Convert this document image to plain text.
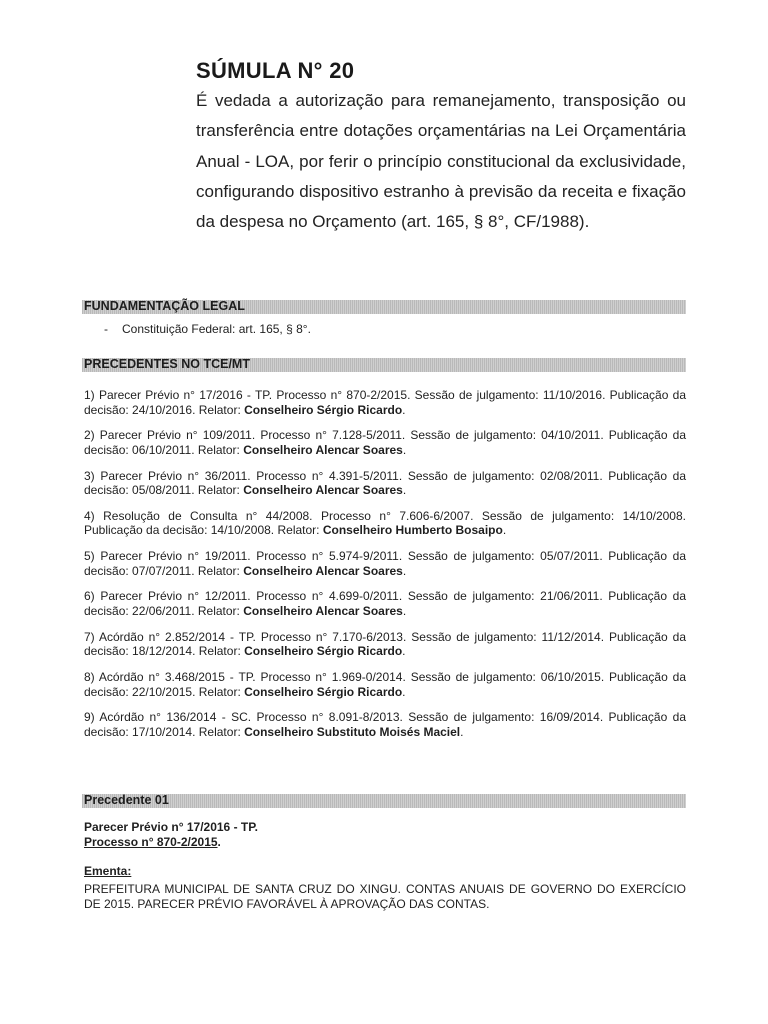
SÚMULA N° 20
É vedada a autorização para remanejamento, transposição ou transferência entre dotações orçamentárias na Lei Orçamentária Anual - LOA, por ferir o princípio constitucional da exclusividade, configurando dispositivo estranho à previsão da receita e fixação da despesa no Orçamento (art. 165, § 8°, CF/1988).
FUNDAMENTAÇÃO LEGAL
- Constituição Federal: art. 165, § 8°.
PRECEDENTES NO TCE/MT
1) Parecer Prévio n° 17/2016 - TP. Processo n° 870-2/2015. Sessão de julgamento: 11/10/2016. Publicação da decisão: 24/10/2016. Relator: Conselheiro Sérgio Ricardo.
2) Parecer Prévio n° 109/2011. Processo n° 7.128-5/2011. Sessão de julgamento: 04/10/2011. Publicação da decisão: 06/10/2011. Relator: Conselheiro Alencar Soares.
3) Parecer Prévio n° 36/2011. Processo n° 4.391-5/2011. Sessão de julgamento: 02/08/2011. Publicação da decisão: 05/08/2011. Relator: Conselheiro Alencar Soares.
4) Resolução de Consulta n° 44/2008. Processo n° 7.606-6/2007. Sessão de julgamento: 14/10/2008. Publicação da decisão: 14/10/2008. Relator: Conselheiro Humberto Bosaipo.
5) Parecer Prévio n° 19/2011. Processo n° 5.974-9/2011. Sessão de julgamento: 05/07/2011. Publicação da decisão: 07/07/2011. Relator: Conselheiro Alencar Soares.
6) Parecer Prévio n° 12/2011. Processo n° 4.699-0/2011. Sessão de julgamento: 21/06/2011. Publicação da decisão: 22/06/2011. Relator: Conselheiro Alencar Soares.
7) Acórdão n° 2.852/2014 - TP. Processo n° 7.170-6/2013. Sessão de julgamento: 11/12/2014. Publicação da decisão: 18/12/2014. Relator: Conselheiro Sérgio Ricardo.
8) Acórdão n° 3.468/2015 - TP. Processo n° 1.969-0/2014. Sessão de julgamento: 06/10/2015. Publicação da decisão: 22/10/2015. Relator: Conselheiro Sérgio Ricardo.
9) Acórdão n° 136/2014 - SC. Processo n° 8.091-8/2013. Sessão de julgamento: 16/09/2014. Publicação da decisão: 17/10/2014. Relator: Conselheiro Substituto Moisés Maciel.
Precedente 01
Parecer Prévio n° 17/2016 - TP.
Processo n° 870-2/2015.
Ementa:
PREFEITURA MUNICIPAL DE SANTA CRUZ DO XINGU. CONTAS ANUAIS DE GOVERNO DO EXERCÍCIO DE 2015. PARECER PRÉVIO FAVORÁVEL À APROVAÇÃO DAS CONTAS.
